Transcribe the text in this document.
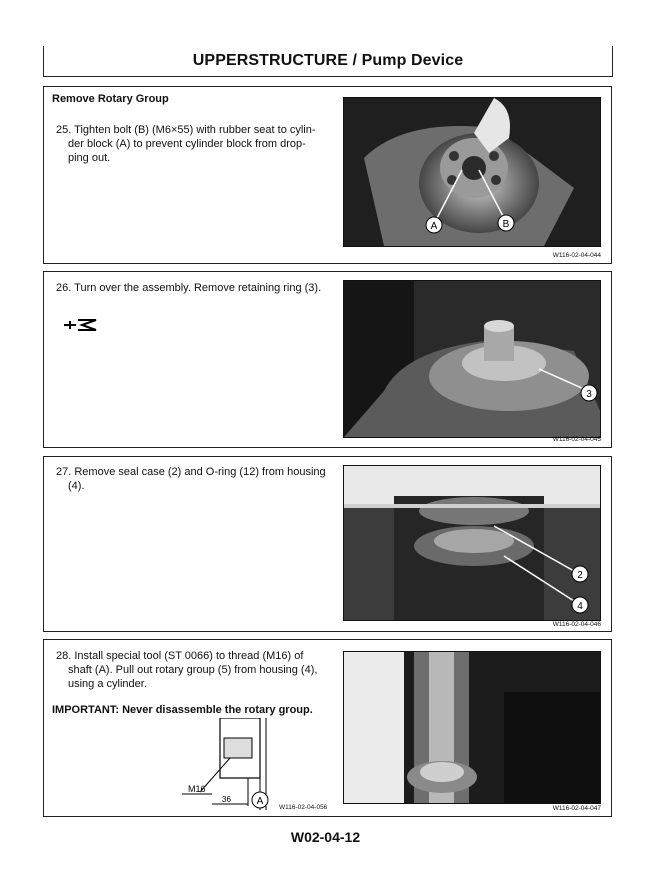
UPPERSTRUCTURE / Pump Device
Remove Rotary Group
25. Tighten bolt (B) (M6×55) with rubber seat to cylin-
der block (A) to prevent cylinder block from drop-
ping out.
A	B
W116-02-04-044
26. Turn over the assembly. Remove retaining ring (3).
3
W116-02-04-045
27. Remove seal case (2) and O-ring (12) from housing
(4).
2
4
W116-02-04-046
28. Install special tool (ST 0066) to thread (M16) of
shaft (A). Pull out rotary group (5) from housing (4),
using a cylinder.
IMPORTANT: Never disassemble the rotary group.
M16
36	A
W116-02-04-056	W116-02-04-047
W02-04-12
